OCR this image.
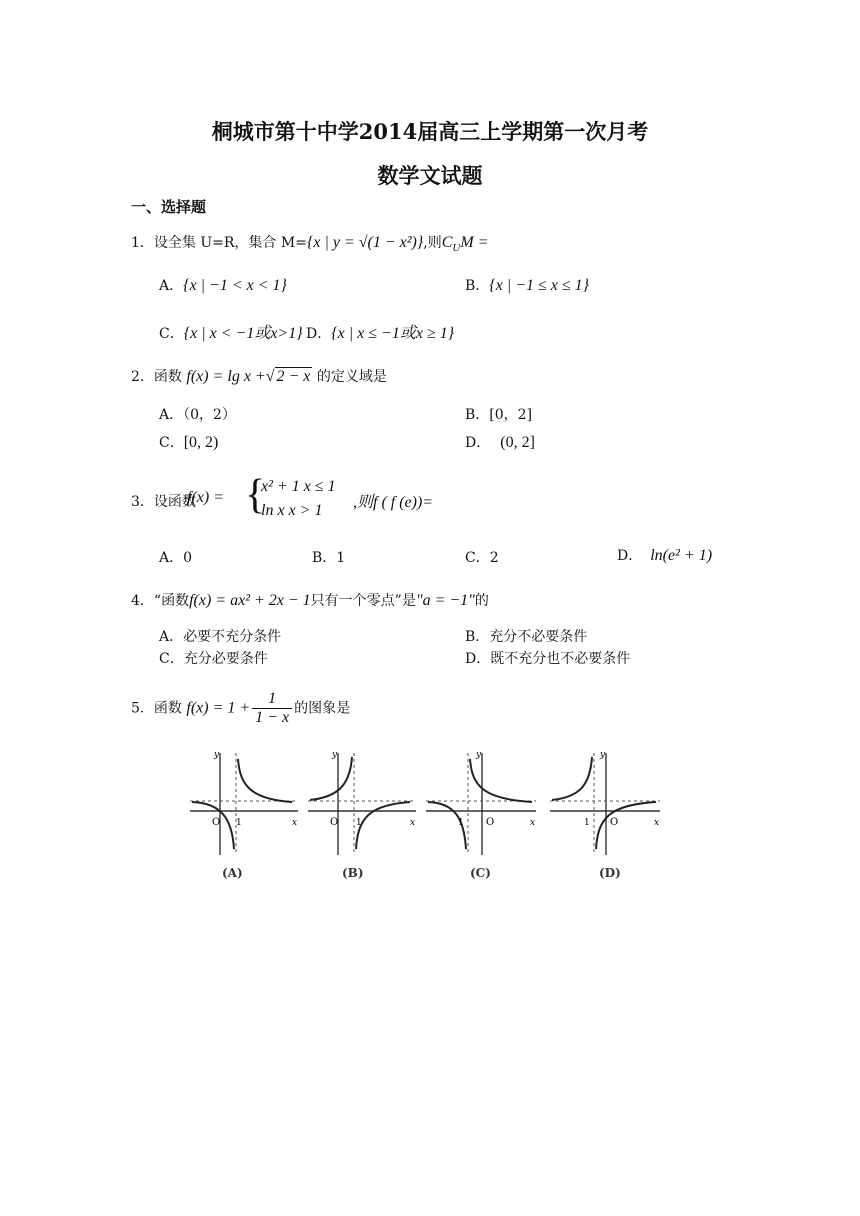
桐城市第十中学2014届高三上学期第一次月考
数学文试题
一、选择题
1．设全集 U=R，集合 M={x | y = √(1 − x²)},则$C_UM$ =
A．{x | −1 < x < 1}	B．{x | −1 ≤ x ≤ 1}
C．{x | x < −1或x>1} D．{x | x ≤ −1或x ≥ 1}
2．函数 f(x) = lg x +√ 2 − x 的定义域是
A．（0，2）	B．[0，2]
C．[0, 2)	D． (0, 2]
3．设函数
f(x) = {
x² + 1 x ≤ 1
ln x x > 1 ,则f ( f (e))=
A．0	B．1	C．2	D． ln(e² + 1)
4．“函数f(x) = ax² + 2x − 1只有一个零点”是"a = −1"的
A．必要不充分条件	B．充分不必要条件
C．充分必要条件	D．既不充分也不必要条件
5．函数 $f(x) = 1 + \frac{1}{1 - x}$ 的图象是
O 1	x
y
O 1	x
y
1 O	x
y
1 O	x
y
(A)	(B)	(C)	(D)
